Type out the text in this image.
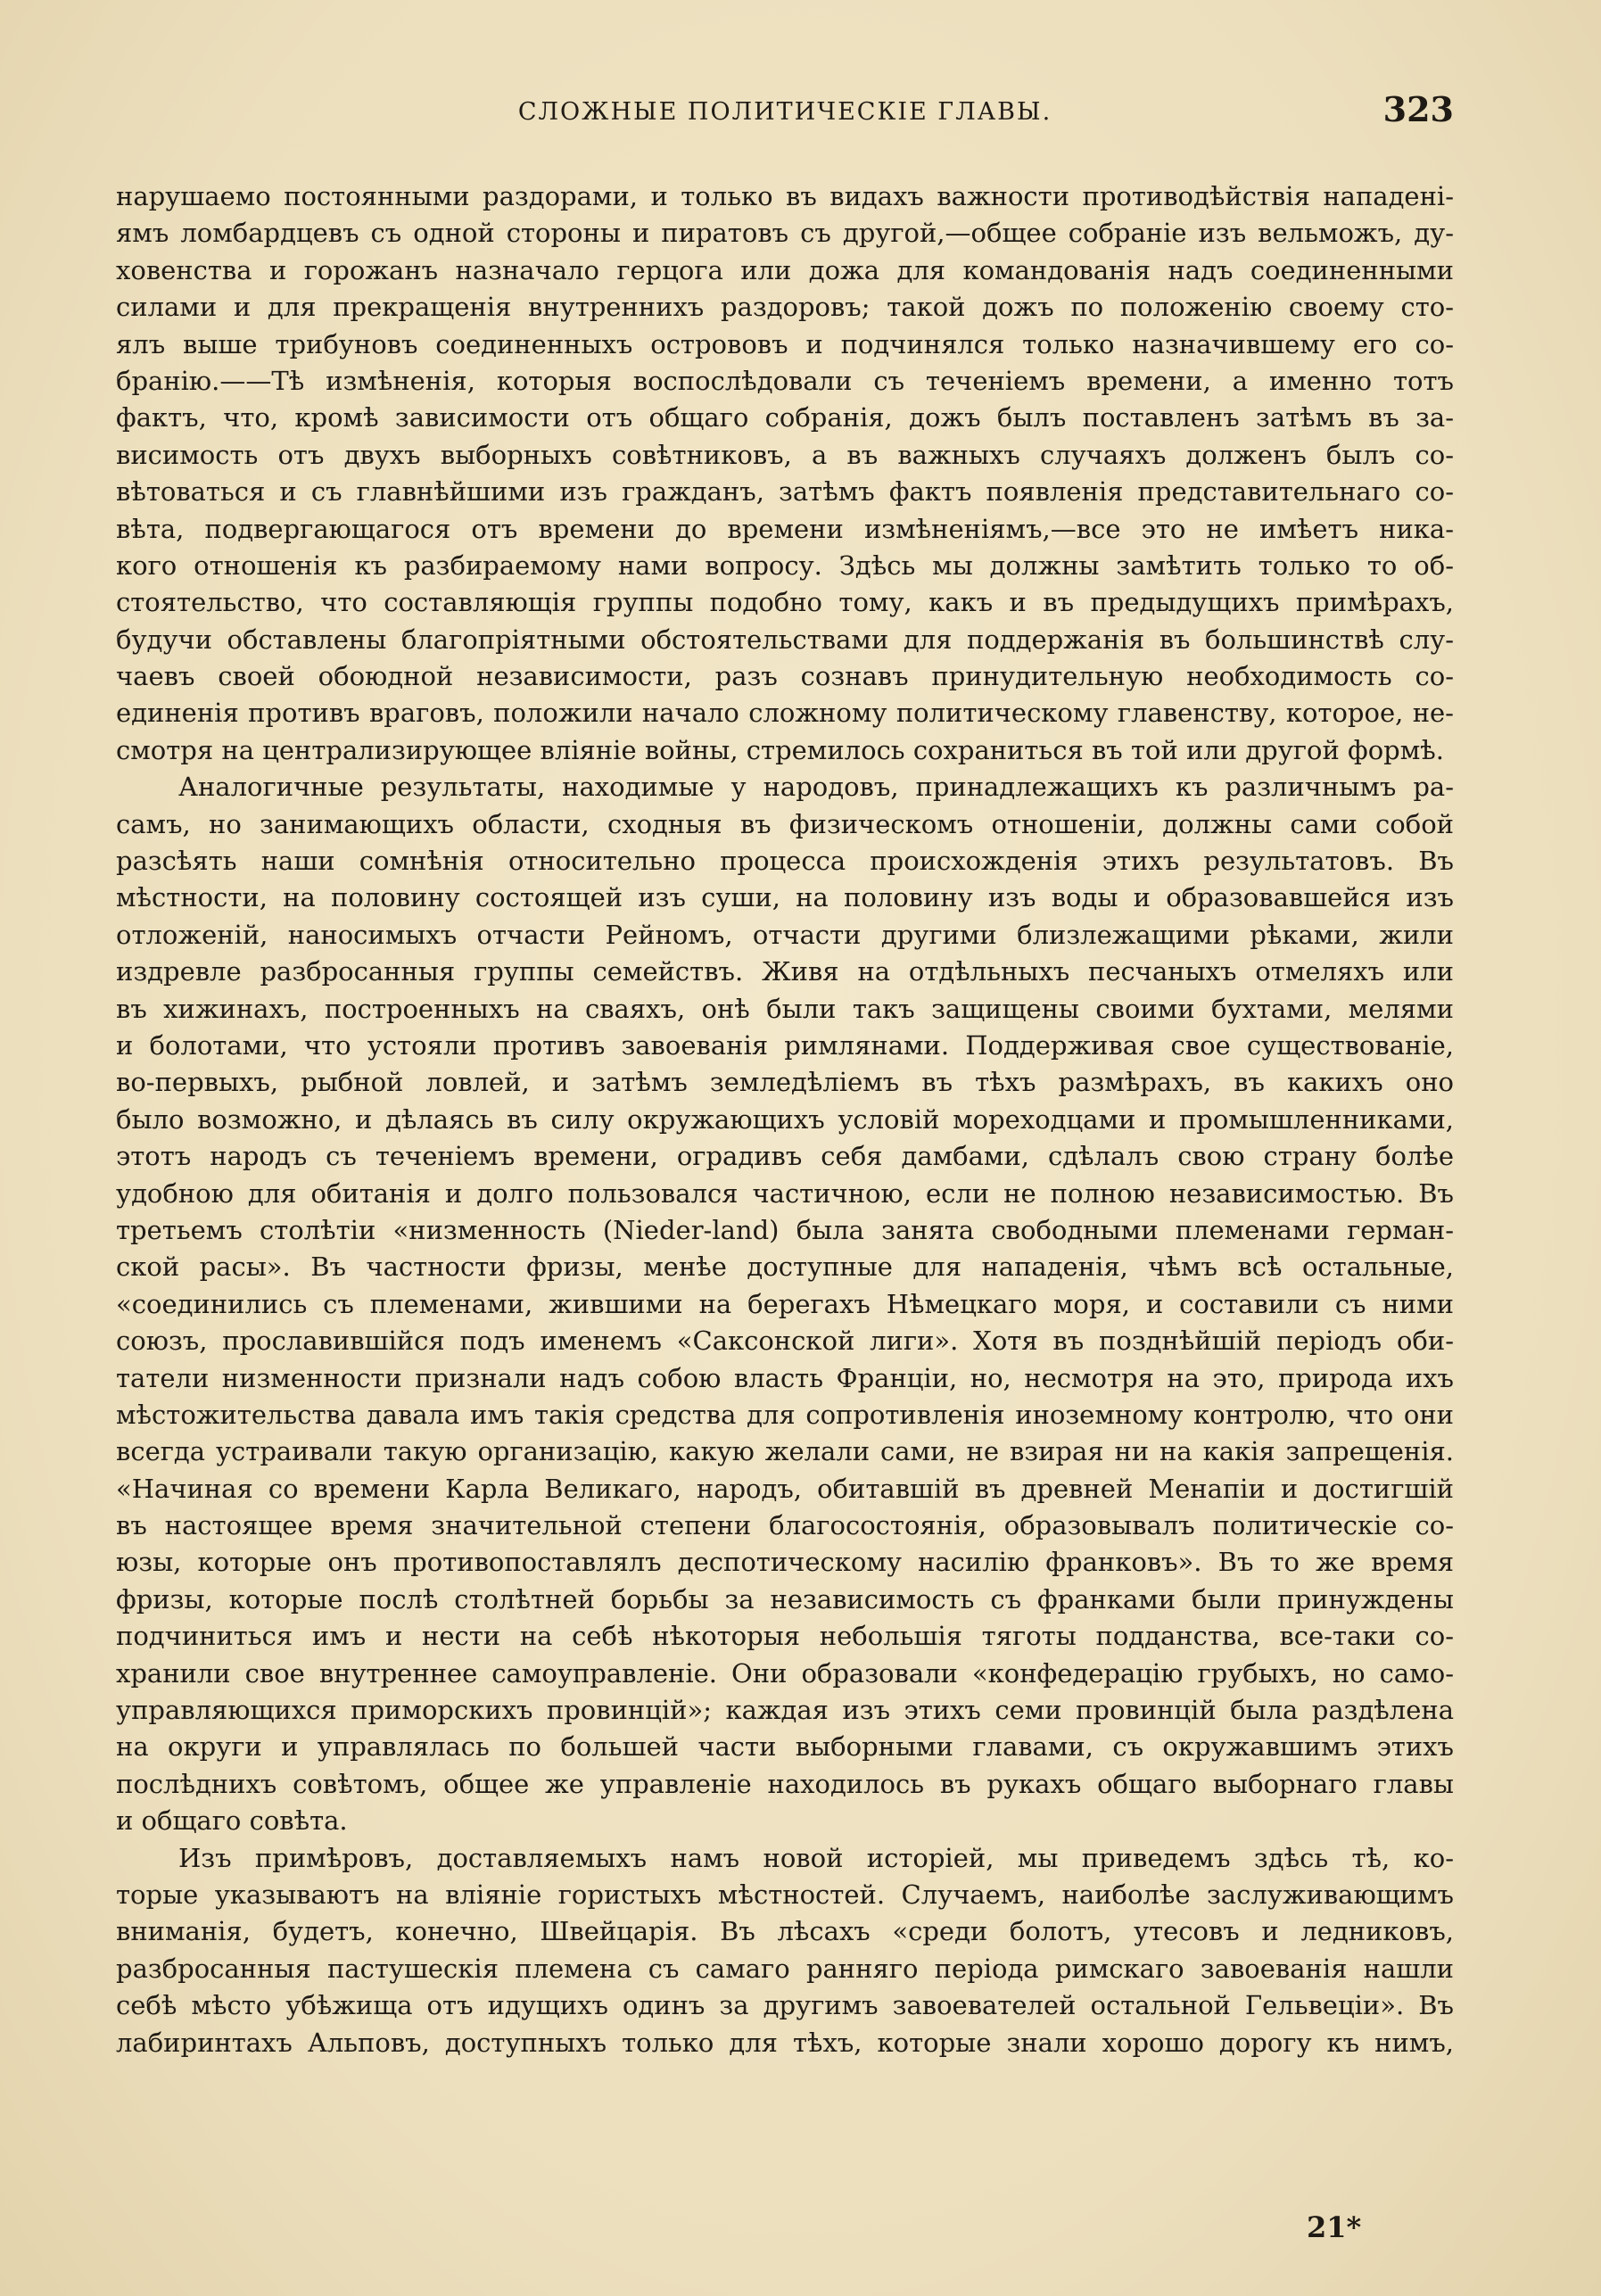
СЛОЖНЫЕ ПОЛИТИЧЕСКІЕ ГЛАВЫ.	323
нарушаемо постоянными раздорами, и только въ видахъ важности противодѣйствія нападені-
ямъ ломбардцевъ съ одной стороны и пиратовъ съ другой,—общее собраніе изъ вельможъ, ду-
ховенства и горожанъ назначало герцога или дожа для командованія надъ соединенными
силами и для прекращенія внутреннихъ раздоровъ; такой дожъ по положенію своему сто-
ялъ выше трибуновъ соединенныхъ острововъ и подчинялся только назначившему его со-
бранію.——Тѣ измѣненія, которыя воспослѣдовали съ теченіемъ времени, а именно тотъ
фактъ, что, кромѣ зависимости отъ общаго собранія, дожъ былъ поставленъ затѣмъ въ за-
висимость отъ двухъ выборныхъ совѣтниковъ, а въ важныхъ случаяхъ долженъ былъ со-
вѣтоваться и съ главнѣйшими изъ гражданъ, затѣмъ фактъ появленія представительнаго со-
вѣта, подвергающагося отъ времени до времени измѣненіямъ,—все это не имѣетъ ника-
кого отношенія къ разбираемому нами вопросу. Здѣсь мы должны замѣтить только то об-
стоятельство, что составляющія группы подобно тому, какъ и въ предыдущихъ примѣрахъ,
будучи обставлены благопріятными обстоятельствами для поддержанія въ большинствѣ слу-
чаевъ своей обоюдной независимости, разъ сознавъ принудительную необходимость со-
единенія противъ враговъ, положили начало сложному политическому главенству, которое, не-
смотря на централизирующее вліяніе войны, стремилось сохраниться въ той или другой формѣ.
Аналогичные результаты, находимые у народовъ, принадлежащихъ къ различнымъ ра-
самъ, но занимающихъ области, сходныя въ физическомъ отношеніи, должны сами собой
разсѣять наши сомнѣнія относительно процесса происхожденія этихъ результатовъ. Въ
мѣстности, на половину состоящей изъ суши, на половину изъ воды и образовавшейся изъ
отложеній, наносимыхъ отчасти Рейномъ, отчасти другими близлежащими рѣками, жили
издревле разбросанныя группы семействъ. Живя на отдѣльныхъ песчаныхъ отмеляхъ или
въ хижинахъ, построенныхъ на сваяхъ, онѣ были такъ защищены своими бухтами, мелями
и болотами, что устояли противъ завоеванія римлянами. Поддерживая свое существованіе,
во-первыхъ, рыбной ловлей, и затѣмъ земледѣліемъ въ тѣхъ размѣрахъ, въ какихъ оно
было возможно, и дѣлаясь въ силу окружающихъ условій мореходцами и промышленниками,
этотъ народъ съ теченіемъ времени, оградивъ себя дамбами, сдѣлалъ свою страну болѣе
удобною для обитанія и долго пользовался частичною, если не полною независимостью. Въ
третьемъ столѣтіи «низменность (Nieder-land) была занята свободными племенами герман-
ской расы». Въ частности фризы, менѣе доступные для нападенія, чѣмъ всѣ остальные,
«соединились съ племенами, жившими на берегахъ Нѣмецкаго моря, и составили съ ними
союзъ, прославившійся подъ именемъ «Саксонской лиги». Хотя въ позднѣйшій періодъ оби-
татели низменности признали надъ собою власть Франціи, но, несмотря на это, природа ихъ
мѣстожительства давала имъ такія средства для сопротивленія иноземному контролю, что они
всегда устраивали такую организацію, какую желали сами, не взирая ни на какія запрещенія.
«Начиная со времени Карла Великаго, народъ, обитавшій въ древней Менапіи и достигшій
въ настоящее время значительной степени благосостоянія, образовывалъ политическіе со-
юзы, которые онъ противопоставлялъ деспотическому насилію франковъ». Въ то же время
фризы, которые послѣ столѣтней борьбы за независимость съ франками были принуждены
подчиниться имъ и нести на себѣ нѣкоторыя небольшія тяготы подданства, все-таки со-
хранили свое внутреннее самоуправленіе. Они образовали «конфедерацію грубыхъ, но само-
управляющихся приморскихъ провинцій»; каждая изъ этихъ семи провинцій была раздѣлена
на округи и управлялась по большей части выборными главами, съ окружавшимъ этихъ
послѣднихъ совѣтомъ, общее же управленіе находилось въ рукахъ общаго выборнаго главы
и общаго совѣта.
Изъ примѣровъ, доставляемыхъ намъ новой исторіей, мы приведемъ здѣсь тѣ, ко-
торые указываютъ на вліяніе гористыхъ мѣстностей. Случаемъ, наиболѣе заслуживающимъ
вниманія, будетъ, конечно, Швейцарія. Въ лѣсахъ «среди болотъ, утесовъ и ледниковъ,
разбросанныя пастушескія племена съ самаго ранняго періода римскаго завоеванія нашли
себѣ мѣсто убѣжища отъ идущихъ одинъ за другимъ завоевателей остальной Гельвеціи». Въ
лабиринтахъ Альповъ, доступныхъ только для тѣхъ, которые знали хорошо дорогу къ нимъ,
21*
